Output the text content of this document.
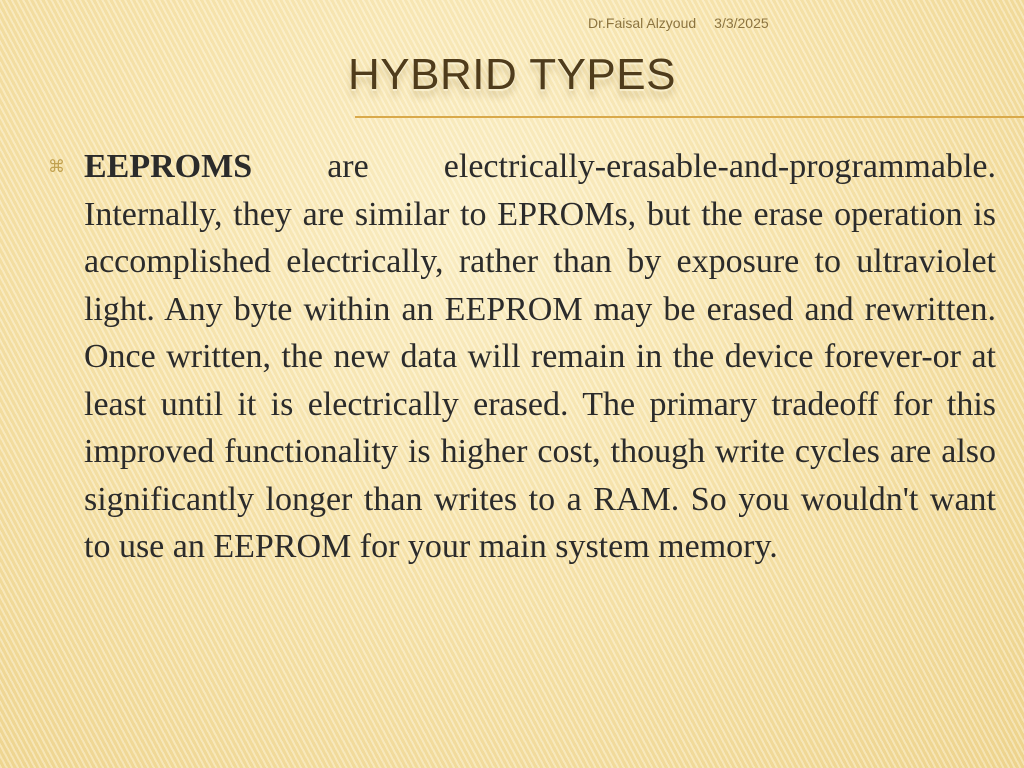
Dr.Faisal Alzyoud 3/3/2025
HYBRID TYPES
⌘ EEPROMS are electrically-erasable-and-programmable. Internally, they are similar to EPROMs, but the erase operation is accomplished electrically, rather than by exposure to ultraviolet light. Any byte within an EEPROM may be erased and rewritten. Once written, the new data will remain in the device forever-or at least until it is electrically erased. The primary tradeoff for this improved functionality is higher cost, though write cycles are also significantly longer than writes to a RAM. So you wouldn't want to use an EEPROM for your main system memory.
